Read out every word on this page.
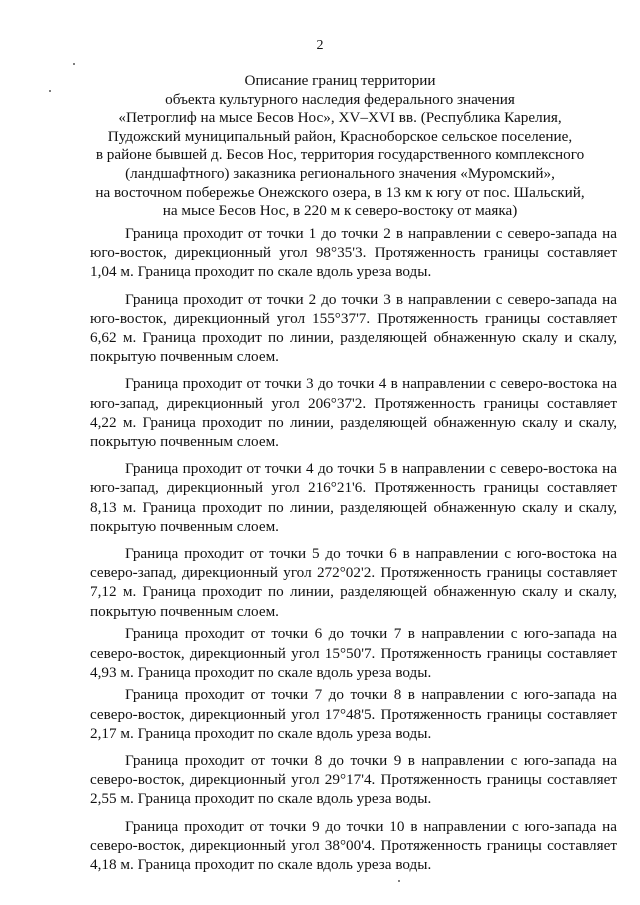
2
Описание границ территории
объекта культурного наследия федерального значения
«Петроглиф на мысе Бесов Нос», XV–XVI вв. (Республика Карелия,
Пудожский муниципальный район, Красноборское сельское поселение,
в районе бывшей д. Бесов Нос, территория государственного комплексного
(ландшафтного) заказника регионального значения «Муромский»,
на восточном побережье Онежского озера, в 13 км к югу от пос. Шальский,
на мысе Бесов Нос, в 220 м к северо-востоку от маяка)

Граница проходит от точки 1 до точки 2 в направлении с северо-запада на юго-восток, дирекционный угол 98°35'3. Протяженность границы составляет 1,04 м. Граница проходит по скале вдоль уреза воды.

Граница проходит от точки 2 до точки 3 в направлении с северо-запада на юго-восток, дирекционный угол 155°37'7. Протяженность границы составляет 6,62 м. Граница проходит по линии, разделяющей обнаженную скалу и скалу, покрытую почвенным слоем.

Граница проходит от точки 3 до точки 4 в направлении с северо-востока на юго-запад, дирекционный угол 206°37'2. Протяженность границы составляет 4,22 м. Граница проходит по линии, разделяющей обнаженную скалу и скалу, покрытую почвенным слоем.

Граница проходит от точки 4 до точки 5 в направлении с северо-востока на юго-запад, дирекционный угол 216°21'6. Протяженность границы составляет 8,13 м. Граница проходит по линии, разделяющей обнаженную скалу и скалу, покрытую почвенным слоем.

Граница проходит от точки 5 до точки 6 в направлении с юго-востока на северо-запад, дирекционный угол 272°02'2. Протяженность границы составляет 7,12 м. Граница проходит по линии, разделяющей обнаженную скалу и скалу, покрытую почвенным слоем.

Граница проходит от точки 6 до точки 7 в направлении с юго-запада на северо-восток, дирекционный угол 15°50'7. Протяженность границы составляет 4,93 м. Граница проходит по скале вдоль уреза воды.

Граница проходит от точки 7 до точки 8 в направлении с юго-запада на северо-восток, дирекционный угол 17°48'5. Протяженность границы составляет 2,17 м. Граница проходит по скале вдоль уреза воды.

Граница проходит от точки 8 до точки 9 в направлении с юго-запада на северо-восток, дирекционный угол 29°17'4. Протяженность границы составляет 2,55 м. Граница проходит по скале вдоль уреза воды.

Граница проходит от точки 9 до точки 10 в направлении с юго-запада на северо-восток, дирекционный угол 38°00'4. Протяженность границы составляет 4,18 м. Граница проходит по скале вдоль уреза воды.
